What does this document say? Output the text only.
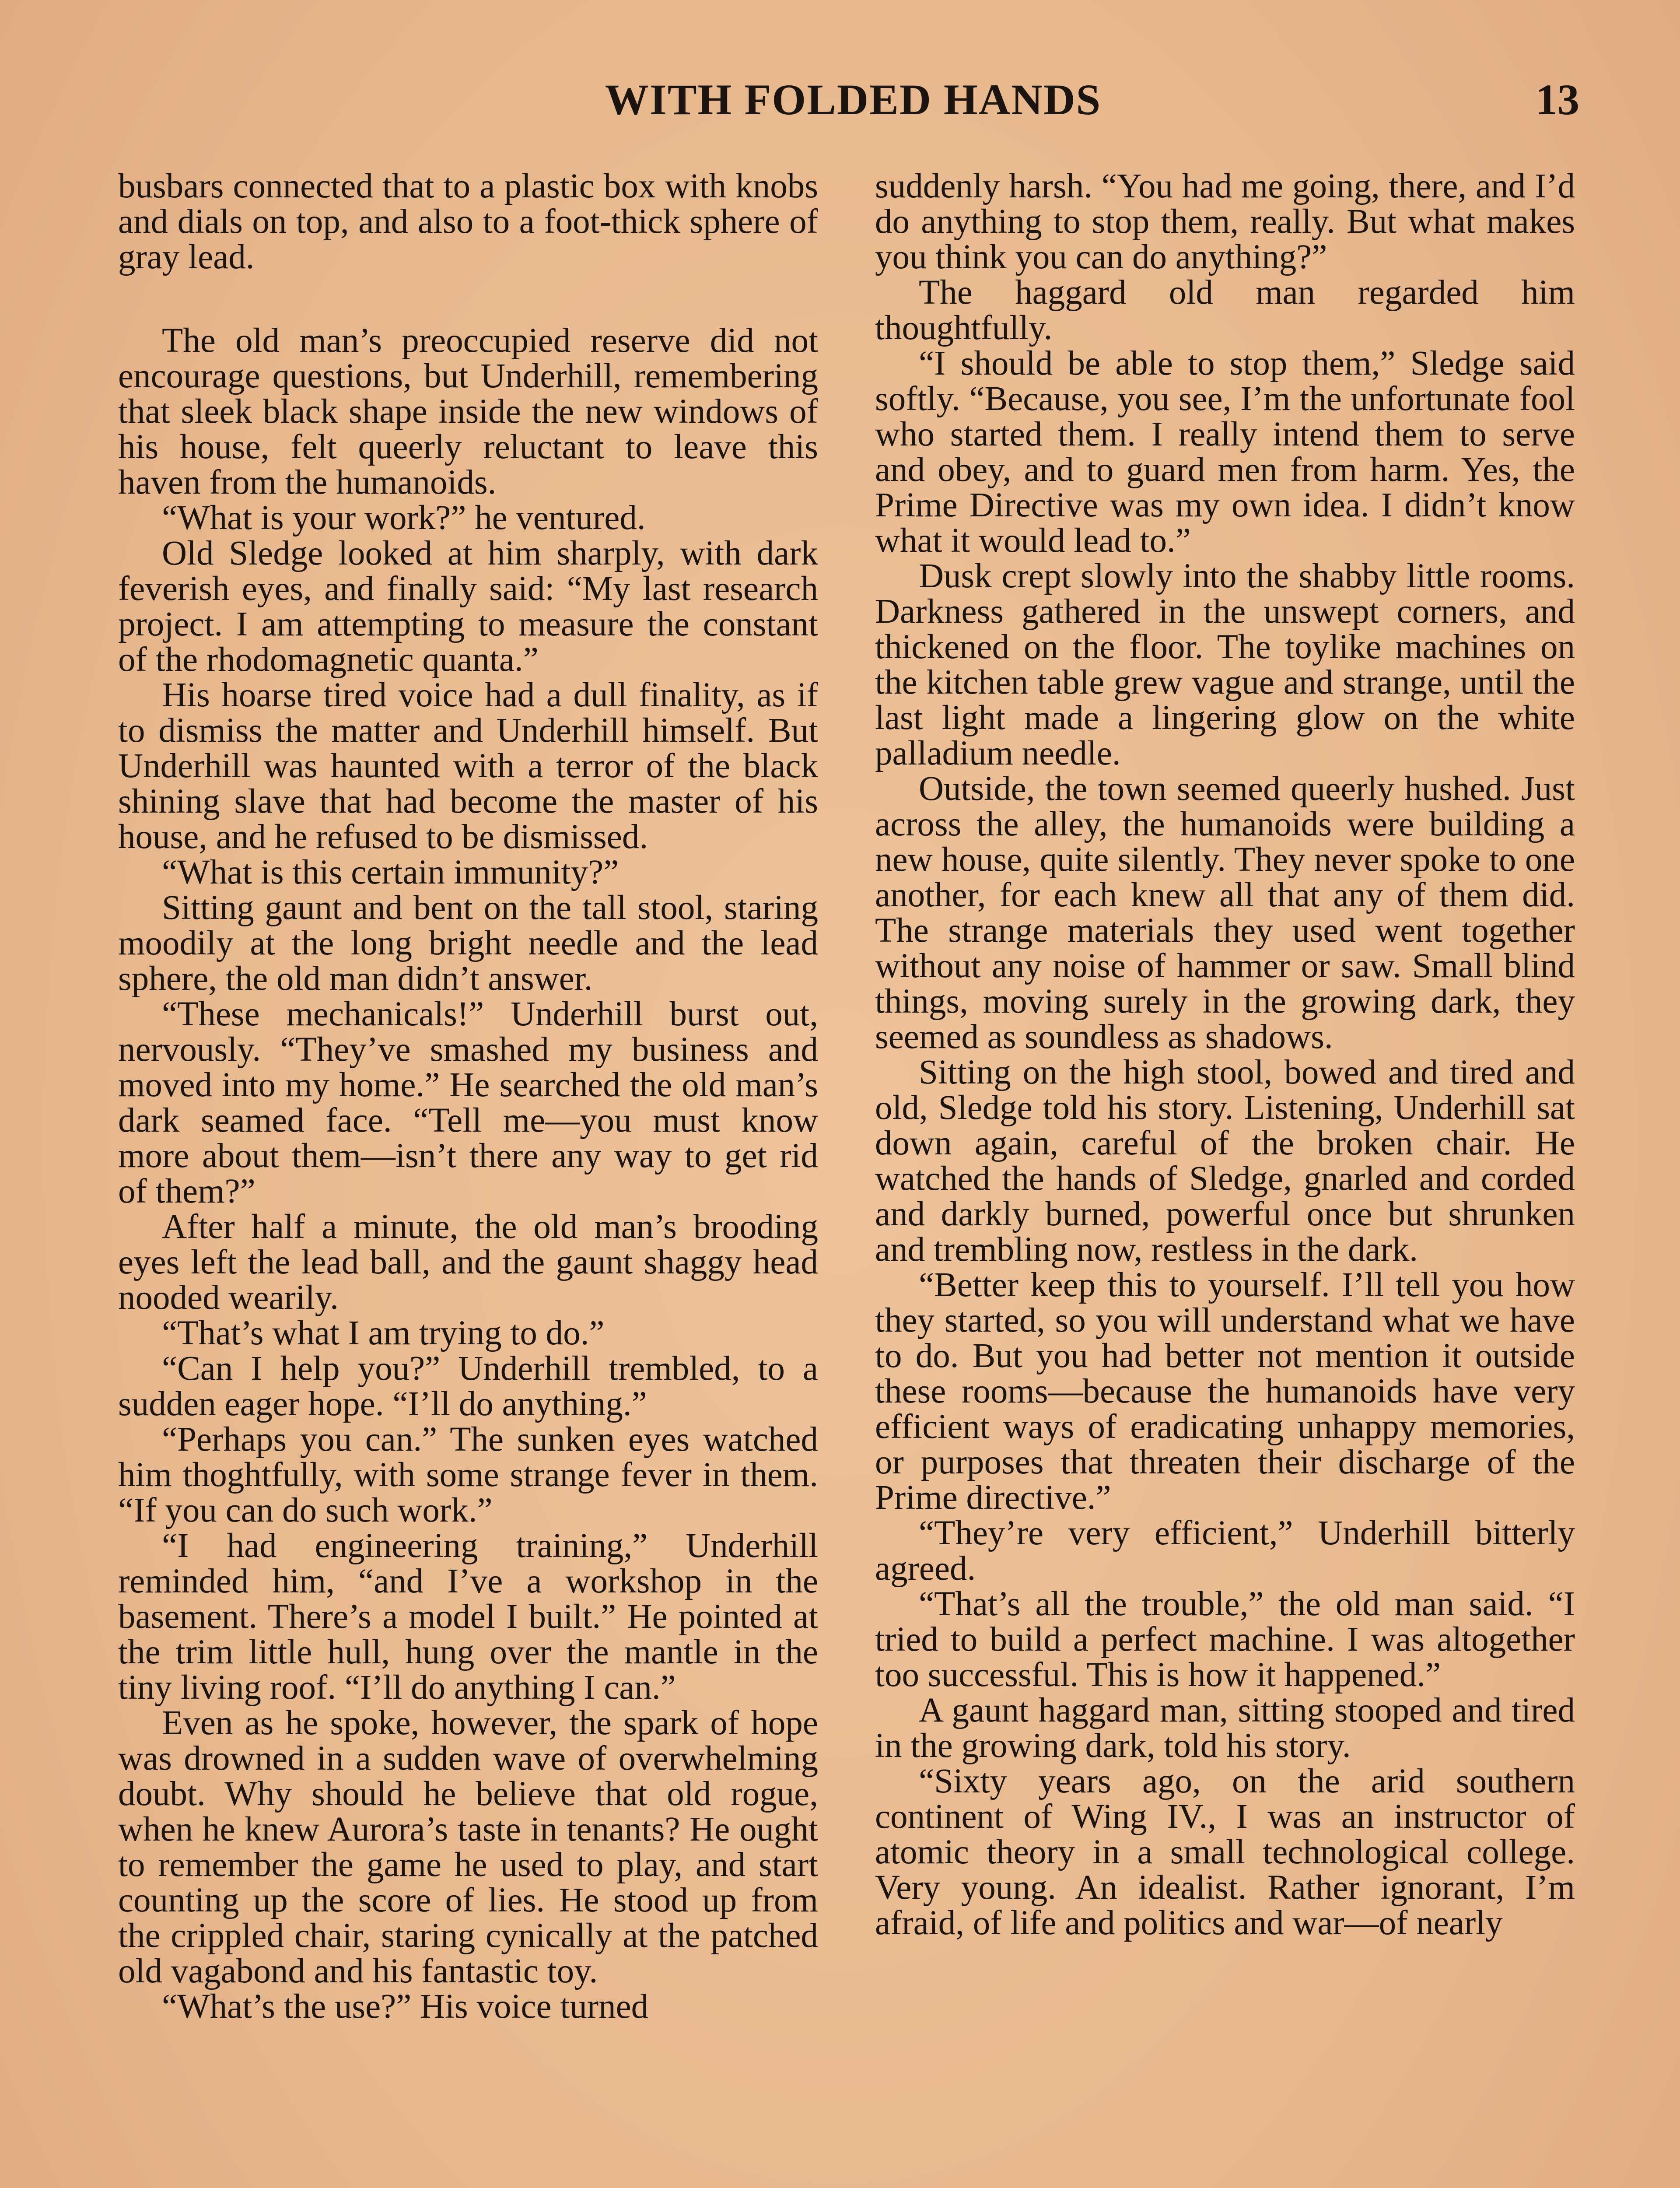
WITH FOLDED HANDS	13

busbars connected that to a plastic box with knobs and dials on top, and also to a foot-thick sphere of gray lead.

The old man’s preoccupied reserve did not encourage questions, but Underhill, remembering that sleek black shape inside the new windows of his house, felt queerly reluctant to leave this haven from the humanoids.

“What is your work?” he ventured.

Old Sledge looked at him sharply, with dark feverish eyes, and finally said: “My last research project. I am attempting to measure the constant of the rhodomagnetic quanta.”

His hoarse tired voice had a dull finality, as if to dismiss the matter and Underhill himself. But Underhill was haunted with a terror of the black shining slave that had become the master of his house, and he refused to be dismissed.

“What is this certain immunity?”

Sitting gaunt and bent on the tall stool, staring moodily at the long bright needle and the lead sphere, the old man didn’t answer.

“These mechanicals!” Underhill burst out, nervously. “They’ve smashed my business and moved into my home.” He searched the old man’s dark seamed face. “Tell me—you must know more about them—isn’t there any way to get rid of them?”

After half a minute, the old man’s brooding eyes left the lead ball, and the gaunt shaggy head nooded wearily.

“That’s what I am trying to do.”

“Can I help you?” Underhill trembled, to a sudden eager hope. “I’ll do anything.”

“Perhaps you can.” The sunken eyes watched him thoghtfully, with some strange fever in them. “If you can do such work.”

“I had engineering training,” Underhill reminded him, “and I’ve a workshop in the basement. There’s a model I built.” He pointed at the trim little hull, hung over the mantle in the tiny living roof. “I’ll do anything I can.”

Even as he spoke, however, the spark of hope was drowned in a sudden wave of overwhelming doubt. Why should he believe that old rogue, when he knew Aurora’s taste in tenants? He ought to remember the game he used to play, and start counting up the score of lies. He stood up from the crippled chair, staring cynically at the patched old vagabond and his fantastic toy.

“What’s the use?” His voice turned

suddenly harsh. “You had me going, there, and I’d do anything to stop them, really. But what makes you think you can do anything?”

The haggard old man regarded him thoughtfully.

“I should be able to stop them,” Sledge said softly. “Because, you see, I’m the unfortunate fool who started them. I really intend them to serve and obey, and to guard men from harm. Yes, the Prime Directive was my own idea. I didn’t know what it would lead to.”

Dusk crept slowly into the shabby little rooms. Darkness gathered in the unswept corners, and thickened on the floor. The toylike machines on the kitchen table grew vague and strange, until the last light made a lingering glow on the white palladium needle.

Outside, the town seemed queerly hushed. Just across the alley, the humanoids were building a new house, quite silently. They never spoke to one another, for each knew all that any of them did. The strange materials they used went together without any noise of hammer or saw. Small blind things, moving surely in the growing dark, they seemed as soundless as shadows.

Sitting on the high stool, bowed and tired and old, Sledge told his story. Listening, Underhill sat down again, careful of the broken chair. He watched the hands of Sledge, gnarled and corded and darkly burned, powerful once but shrunken and trembling now, restless in the dark.

“Better keep this to yourself. I’ll tell you how they started, so you will understand what we have to do. But you had better not mention it outside these rooms—because the humanoids have very efficient ways of eradicating unhappy memories, or purposes that threaten their discharge of the Prime directive.”

“They’re very efficient,” Underhill bitterly agreed.

“That’s all the trouble,” the old man said. “I tried to build a perfect machine. I was altogether too successful. This is how it happened.”

A gaunt haggard man, sitting stooped and tired in the growing dark, told his story.

“Sixty years ago, on the arid southern continent of Wing IV., I was an instructor of atomic theory in a small technological college. Very young. An idealist. Rather ignorant, I’m afraid, of life and politics and war—of nearly
